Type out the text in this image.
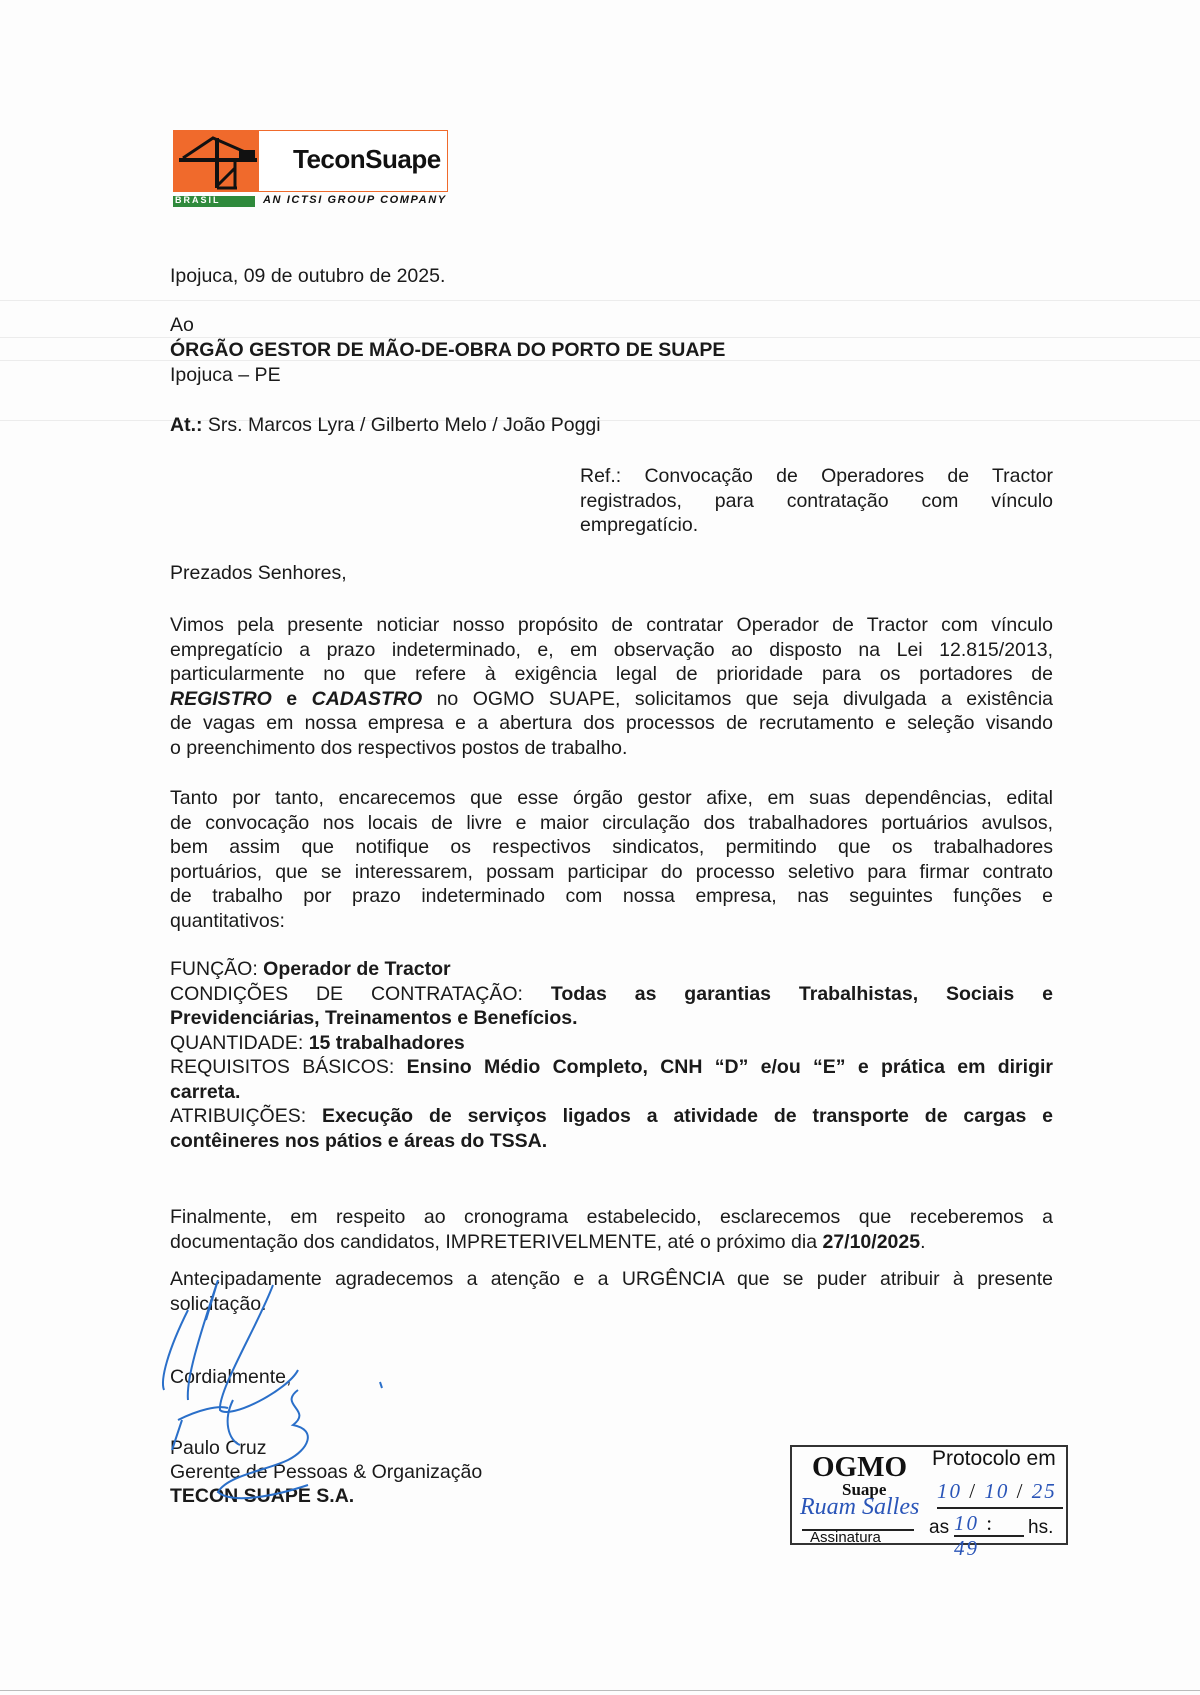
TeconSuape
BRASIL	AN ICTSI GROUP COMPANY
Ipojuca, 09 de outubro de 2025.
Ao
ÓRGÃO GESTOR DE MÃO-DE-OBRA DO PORTO DE SUAPE
Ipojuca – PE
At.: Srs. Marcos Lyra / Gilberto Melo / João Poggi
Ref.: Convocação de Operadores de Tractor
registrados, para contratação com vínculo
empregatício.
Prezados Senhores,
Vimos pela presente noticiar nosso propósito de contratar Operador de Tractor com vínculo
empregatício a prazo indeterminado, e, em observação ao disposto na Lei 12.815/2013,
particularmente no que refere à exigência legal de prioridade para os portadores de
REGISTRO e CADASTRO no OGMO SUAPE, solicitamos que seja divulgada a existência
de vagas em nossa empresa e a abertura dos processos de recrutamento e seleção visando
o preenchimento dos respectivos postos de trabalho.
Tanto por tanto, encarecemos que esse órgão gestor afixe, em suas dependências, edital
de convocação nos locais de livre e maior circulação dos trabalhadores portuários avulsos,
bem assim que notifique os respectivos sindicatos, permitindo que os trabalhadores
portuários, que se interessarem, possam participar do processo seletivo para firmar contrato
de trabalho por prazo indeterminado com nossa empresa, nas seguintes funções e
quantitativos:
FUNÇÃO: Operador de Tractor
CONDIÇÕES DE CONTRATAÇÃO: Todas as garantias Trabalhistas, Sociais e
Previdenciárias, Treinamentos e Benefícios.
QUANTIDADE: 15 trabalhadores
REQUISITOS BÁSICOS: Ensino Médio Completo, CNH “D” e/ou “E” e prática em dirigir
carreta.
ATRIBUIÇÕES: Execução de serviços ligados a atividade de transporte de cargas e
contêineres nos pátios e áreas do TSSA.
Finalmente, em respeito ao cronograma estabelecido, esclarecemos que receberemos a
documentação dos candidatos, IMPRETERIVELMENTE, até o próximo dia 27/10/2025.
Antecipadamente agradecemos a atenção e a URGÊNCIA que se puder atribuir à presente
solicitação.
Cordialmente,
Paulo Cruz
Gerente de Pessoas & Organização
TECON SUAPE S.A.
OGMO
Suape
Ruam Salles
Assinatura
Protocolo em
10 / 10 / 25
as 10 : 49
hs.
